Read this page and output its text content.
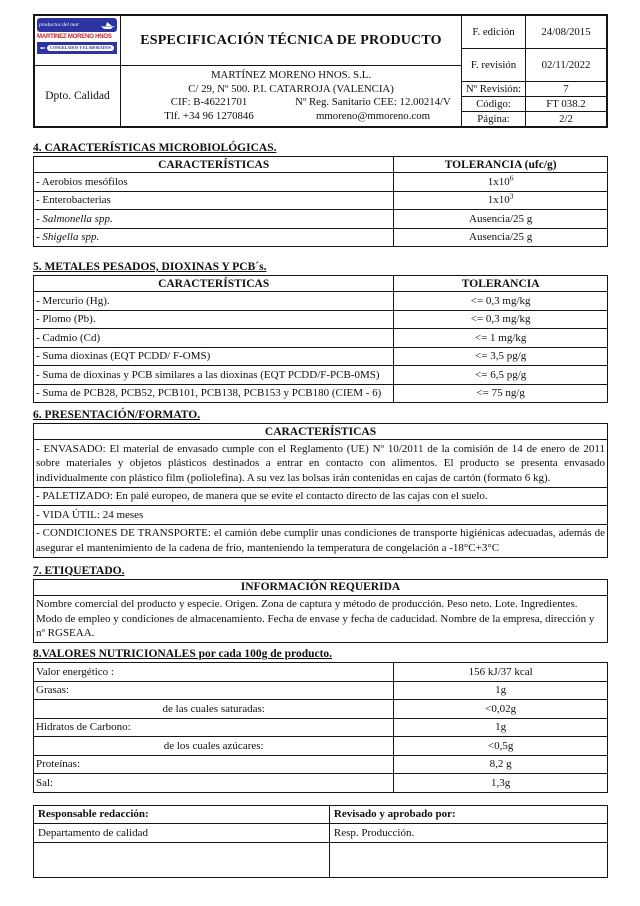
productos del mar
MARTINEZ MORENO HNOS
CONGELADOS Y ELABORADOS
Dpto. Calidad
ESPECIFICACIÓN TÉCNICA DE PRODUCTO
MARTÍNEZ MORENO HNOS. S.L.
C/ 29, Nº 500. P.I. CATARROJA (VALENCIA)
CIF: B-46221701	Nº Reg. Sanitario CEE: 12.00214/V
Tlf. +34 96 1270846	mmoreno@mmoreno.com
F. edición	24/08/2015
F. revisión	02/11/2022
Nº Revisión:	7
Código:	FT 038.2
Página:	2/2
4. CARACTERÍSTICAS MICROBIOLÓGICAS.
CARACTERÍSTICAS	TOLERANCIA (ufc/g)
- Aerobios mesófilos	$1x10^6$
- Enterobacterias	$1x10^3$
- Salmonella spp.	Ausencia/25 g
- Shigella spp.	Ausencia/25 g
5. METALES PESADOS, DIOXINAS Y PCB´s.
CARACTERÍSTICAS	TOLERANCIA
- Mercurio (Hg).	<= 0,3 mg/kg
- Plomo (Pb).	<= 0,3 mg/kg
- Cadmio (Cd)	<= 1 mg/kg
- Suma dioxinas (EQT PCDD/ F-OMS)	<= 3,5 pg/g
- Suma de dioxinas y PCB similares a las dioxinas (EQT PCDD/F-PCB-0MS)	<= 6,5 pg/g
- Suma de PCB28, PCB52, PCB101, PCB138, PCB153 y PCB180 (CIEM - 6)	<= 75 ng/g
6. PRESENTACIÓN/FORMATO.
CARACTERÍSTICAS
- ENVASADO: El material de envasado cumple con el Reglamento (UE) Nº 10/2011 de la comisión de 14 de enero de 2011 sobre materiales y objetos plásticos destinados a entrar en contacto con alimentos. El producto se presenta envasado individualmente con plástico film (poliolefina). A su vez las bolsas irán contenidas en cajas de cartón (formato 6 kg).
- PALETIZADO: En palé europeo, de manera que se evite el contacto directo de las cajas con el suelo.
- VIDA ÚTIL: 24 meses
- CONDICIONES DE TRANSPORTE: el camión debe cumplir unas condiciones de transporte higiénicas adecuadas, además de asegurar el mantenimiento de la cadena de frío, manteniendo la temperatura de congelación a -18°C+3°C
7. ETIQUETADO.
INFORMACIÓN REQUERIDA
Nombre comercial del producto y especie. Origen. Zona de captura y método de producción. Peso neto. Lote. Ingredientes. Modo de empleo y condiciones de almacenamiento. Fecha de envase y fecha de caducidad. Nombre de la empresa, dirección y nº RGSEAA.
8.VALORES NUTRICIONALES por cada 100g de producto.
Valor energético :	156 kJ/37 kcal
Grasas:	1g
de las cuales saturadas:	<0,02g
Hidratos de Carbono:	1g
de los cuales azúcares:	<0,5g
Proteínas:	8,2 g
Sal:	1,3g
Responsable redacción:	Revisado y aprobado por:
Departamento de calidad	Resp. Producción.
